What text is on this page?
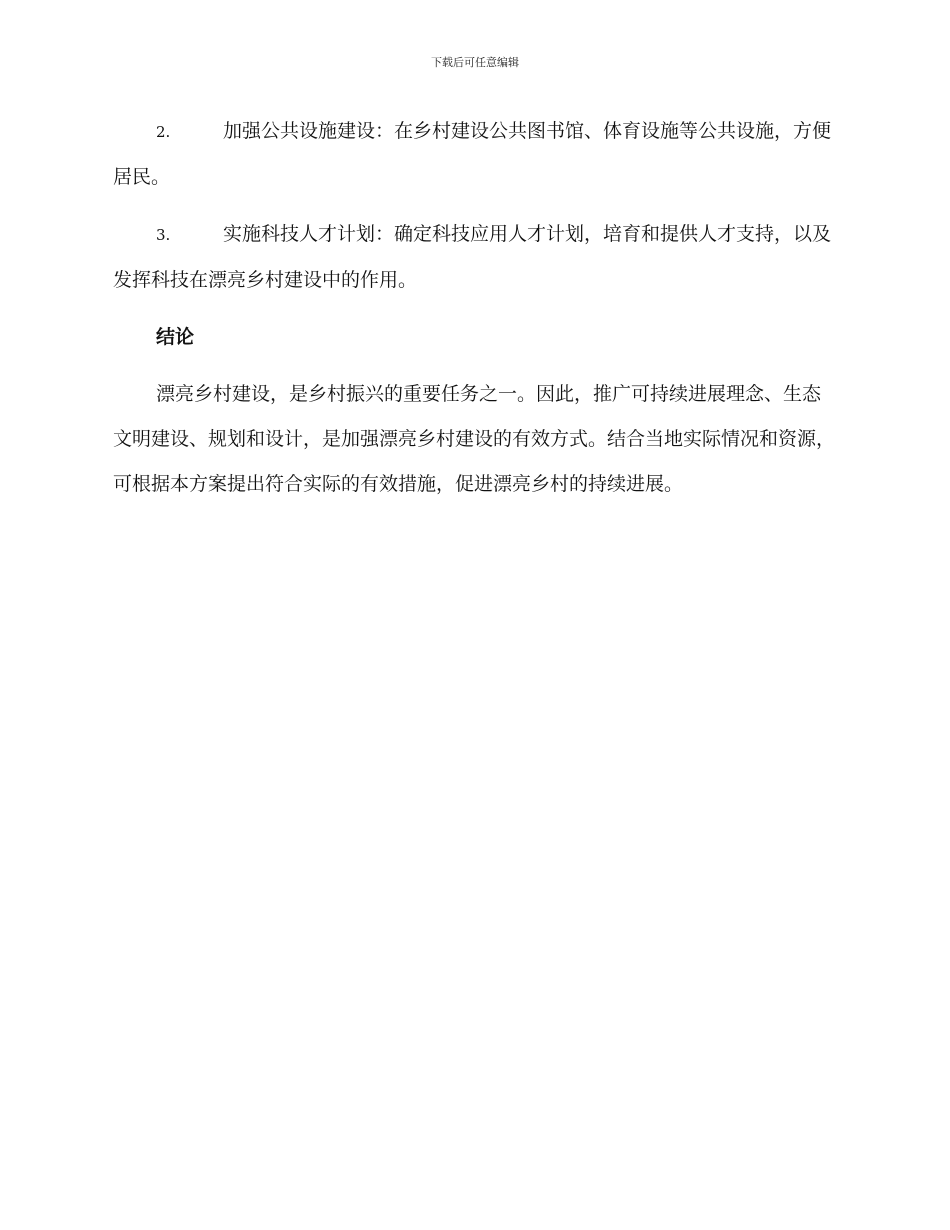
下载后可任意编辑

2.	加强公共设施建设：在乡村建设公共图书馆、体育设施等公共设施，方便居民。

3.	实施科技人才计划：确定科技应用人才计划，培育和提供人才支持，以及发挥科技在漂亮乡村建设中的作用。

结论

漂亮乡村建设，是乡村振兴的重要任务之一。因此，推广可持续进展理念、生态文明建设、规划和设计，是加强漂亮乡村建设的有效方式。结合当地实际情况和资源，可根据本方案提出符合实际的有效措施，促进漂亮乡村的持续进展。
